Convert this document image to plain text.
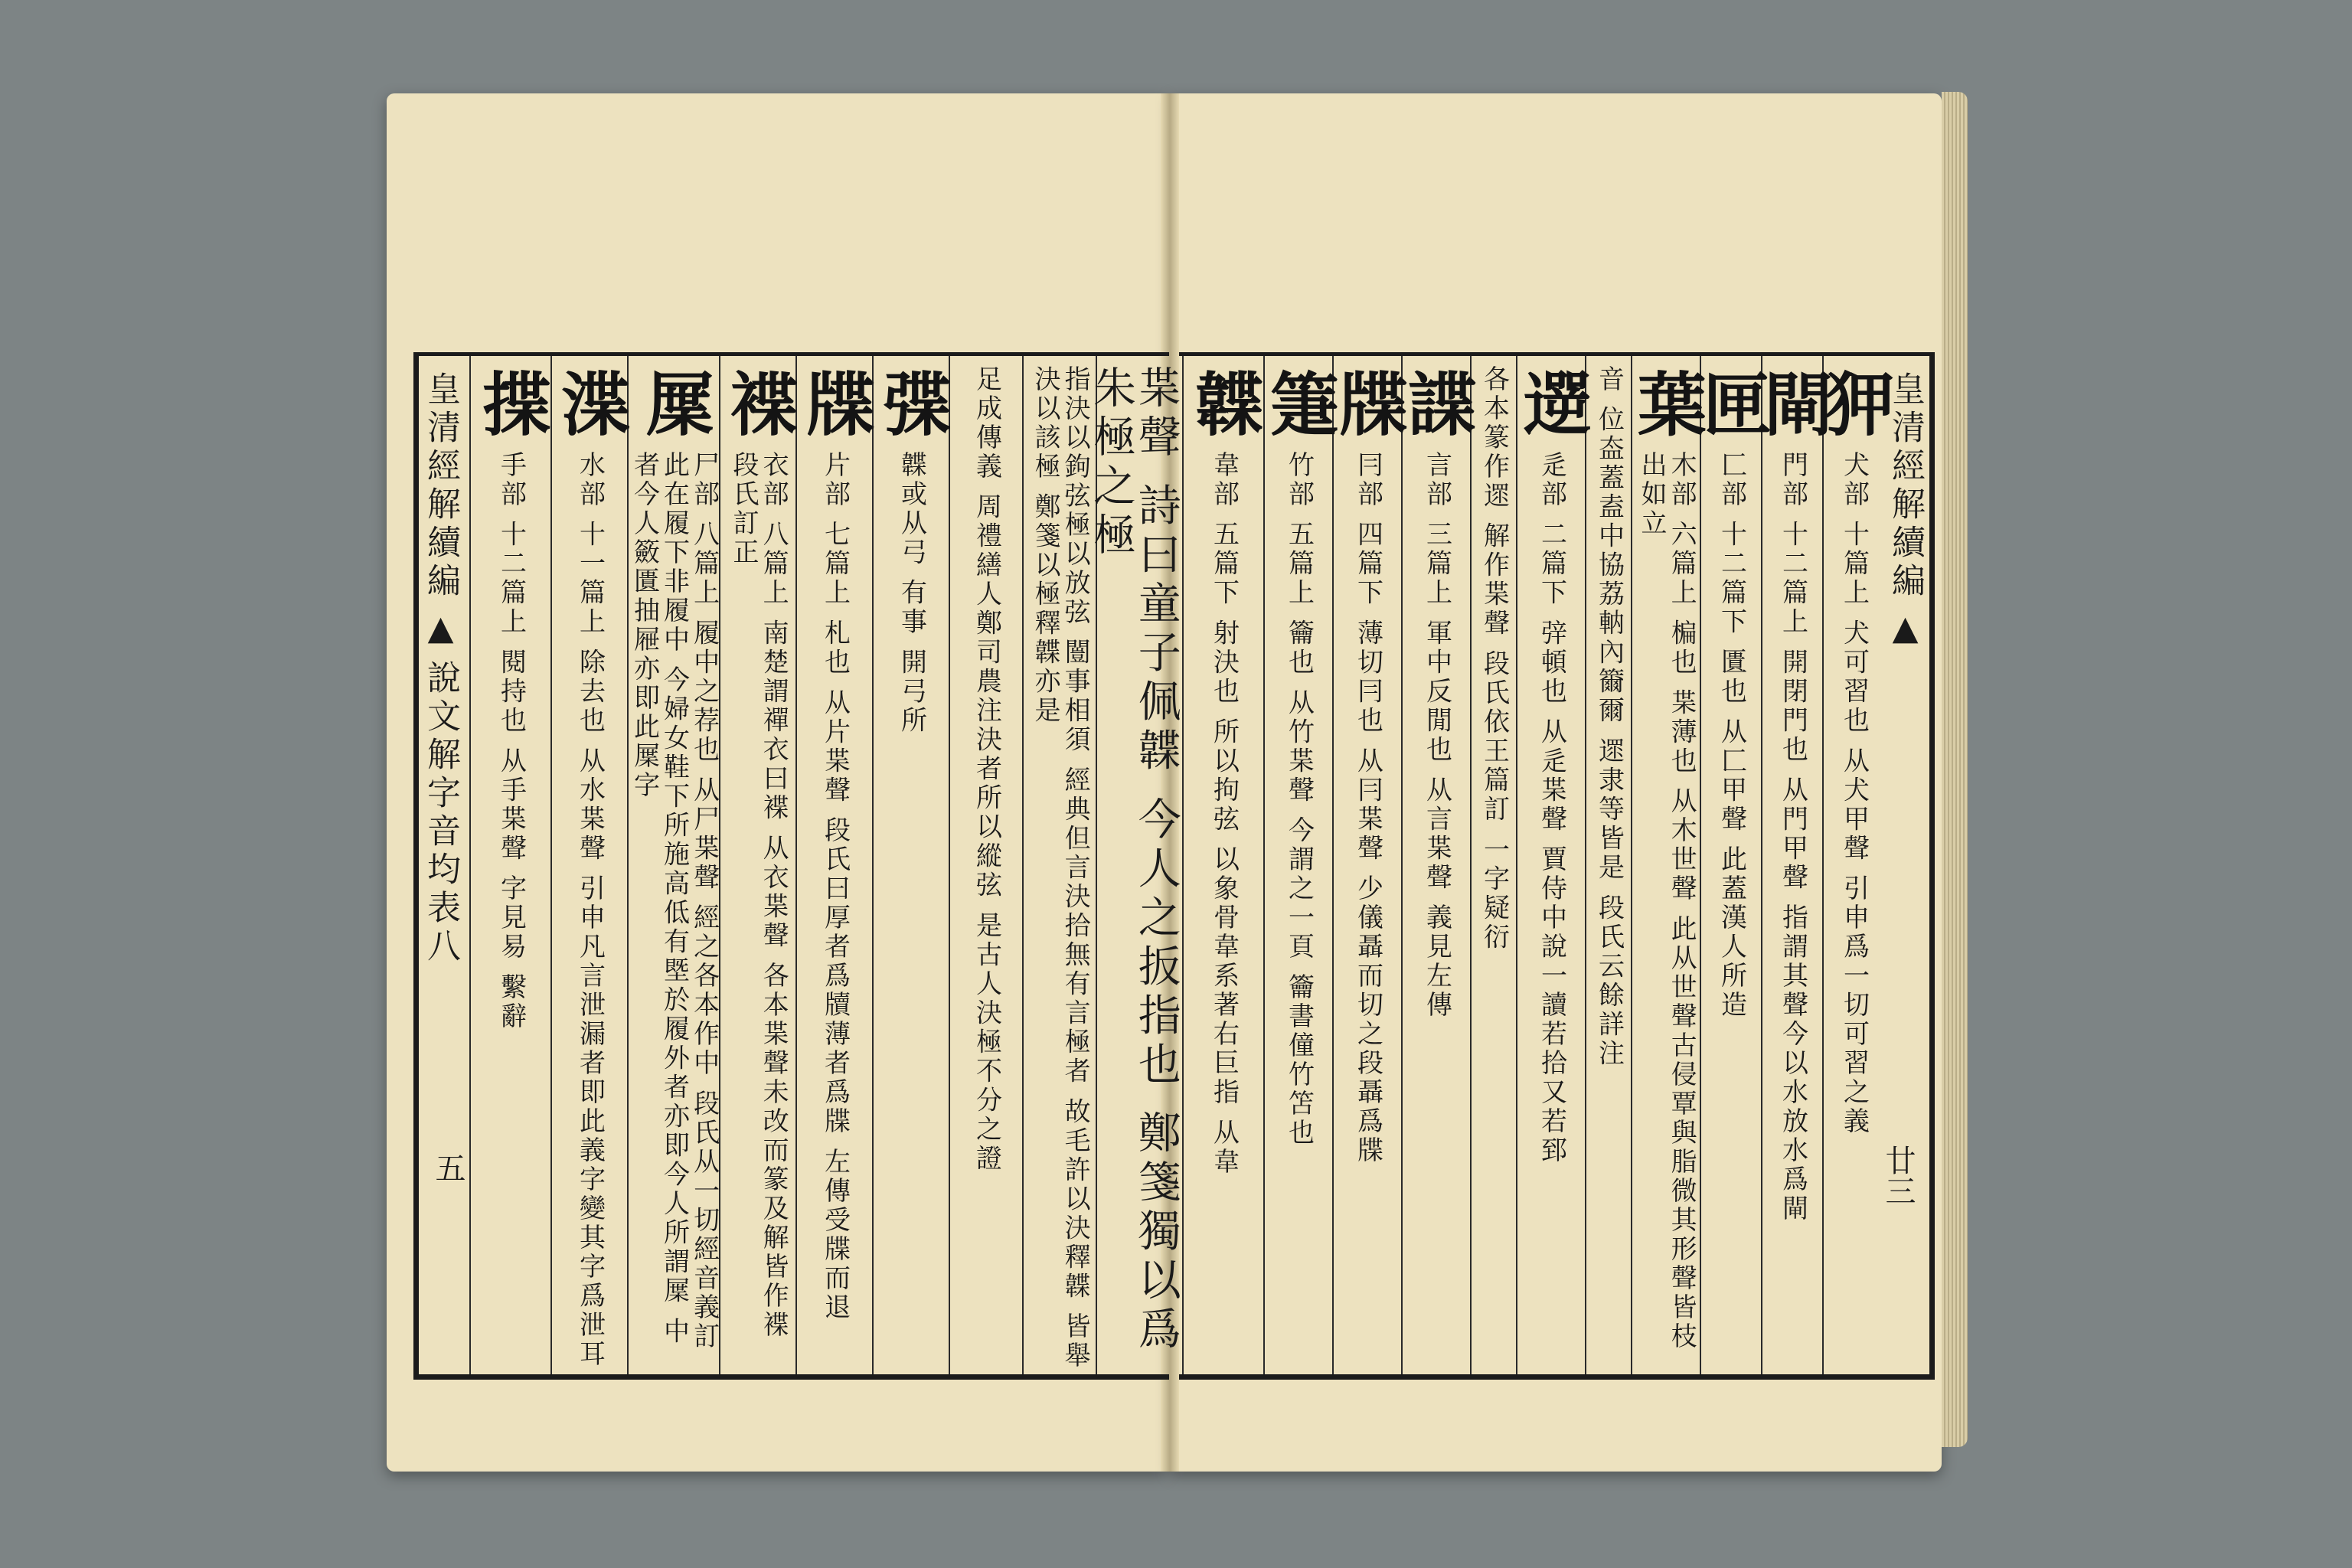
皇清經解續編▲說文解字音均表八
五	枼聲 詩曰童子佩韘 今人之扳指也 鄭箋獨以爲朱極之極
指決以鉤弦極以放弦 闓事相須 經典但言決拾無有言極者 故毛許以決釋韘 皆舉決以該極 鄭箋以極釋韘亦是
足成傳義 周禮繕人鄭司農注決者所以縱弦 是古人決極不分之證
弽
韘或从弓 有事 開弓所
牒
片部 七篇上 札也 从片枼聲 段氏曰厚者爲牘薄者爲牒 左傳受牒而退
褋
衣部 八篇上 南楚謂禪衣曰褋 从衣枼聲 各本枼聲未改而篆及解皆作褋 段氏訂正
屟
尸部 八篇上 履中之荐也 从尸枼聲 經之各本作中 段氏从一切經音義訂 此在履下非履中 今婦女鞋下所施高低有塈於履外者亦即今人所謂屟 中者今人籢匱抽屜亦即此屟字
渫
水部 十一篇上 除去也 从水枼聲 引申凡言泄漏者即此義字變其字爲泄耳
揲
手部 十二篇上 閱持也 从手枼聲 字見易 繫辭	皇清經解續編▲
廿三
狎
犬部 十篇上 犬可習也 从犬甲聲 引申爲一切可習之義
閘
門部 十二篇上 開閉門也 从門甲聲 指謂其聲今以水放水爲閘
匣
匚部 十二篇下 匱也 从匚甲聲 此蓋漢人所造
葉
木部 六篇上 楄也 枼薄也 从木世聲 此从世聲古侵覃與脂微其形聲皆枝出如立
音 位盇蓋盍中協荔軜內籋爾 遝隶等皆是 段氏云餘詳注
遻
辵部 二篇下 㢹頓也 从辵枼聲 賈侍中說一讀若拾又若郅
各本篆作遝 解作枼聲 段氏依王篇訂 一字疑衍
諜
言部 三篇上 軍中反閒也 从言枼聲 義見左傳
牒
冃部 四篇下 薄切冃也 从冃枼聲 少儀聶而切之段聶爲牒
箑
竹部 五篇上 籥也 从竹枼聲 今謂之一頁 籥書僮竹笘也
韘
韋部 五篇下 射決也 所以拘弦 以象骨韋系著右巨指 从韋
